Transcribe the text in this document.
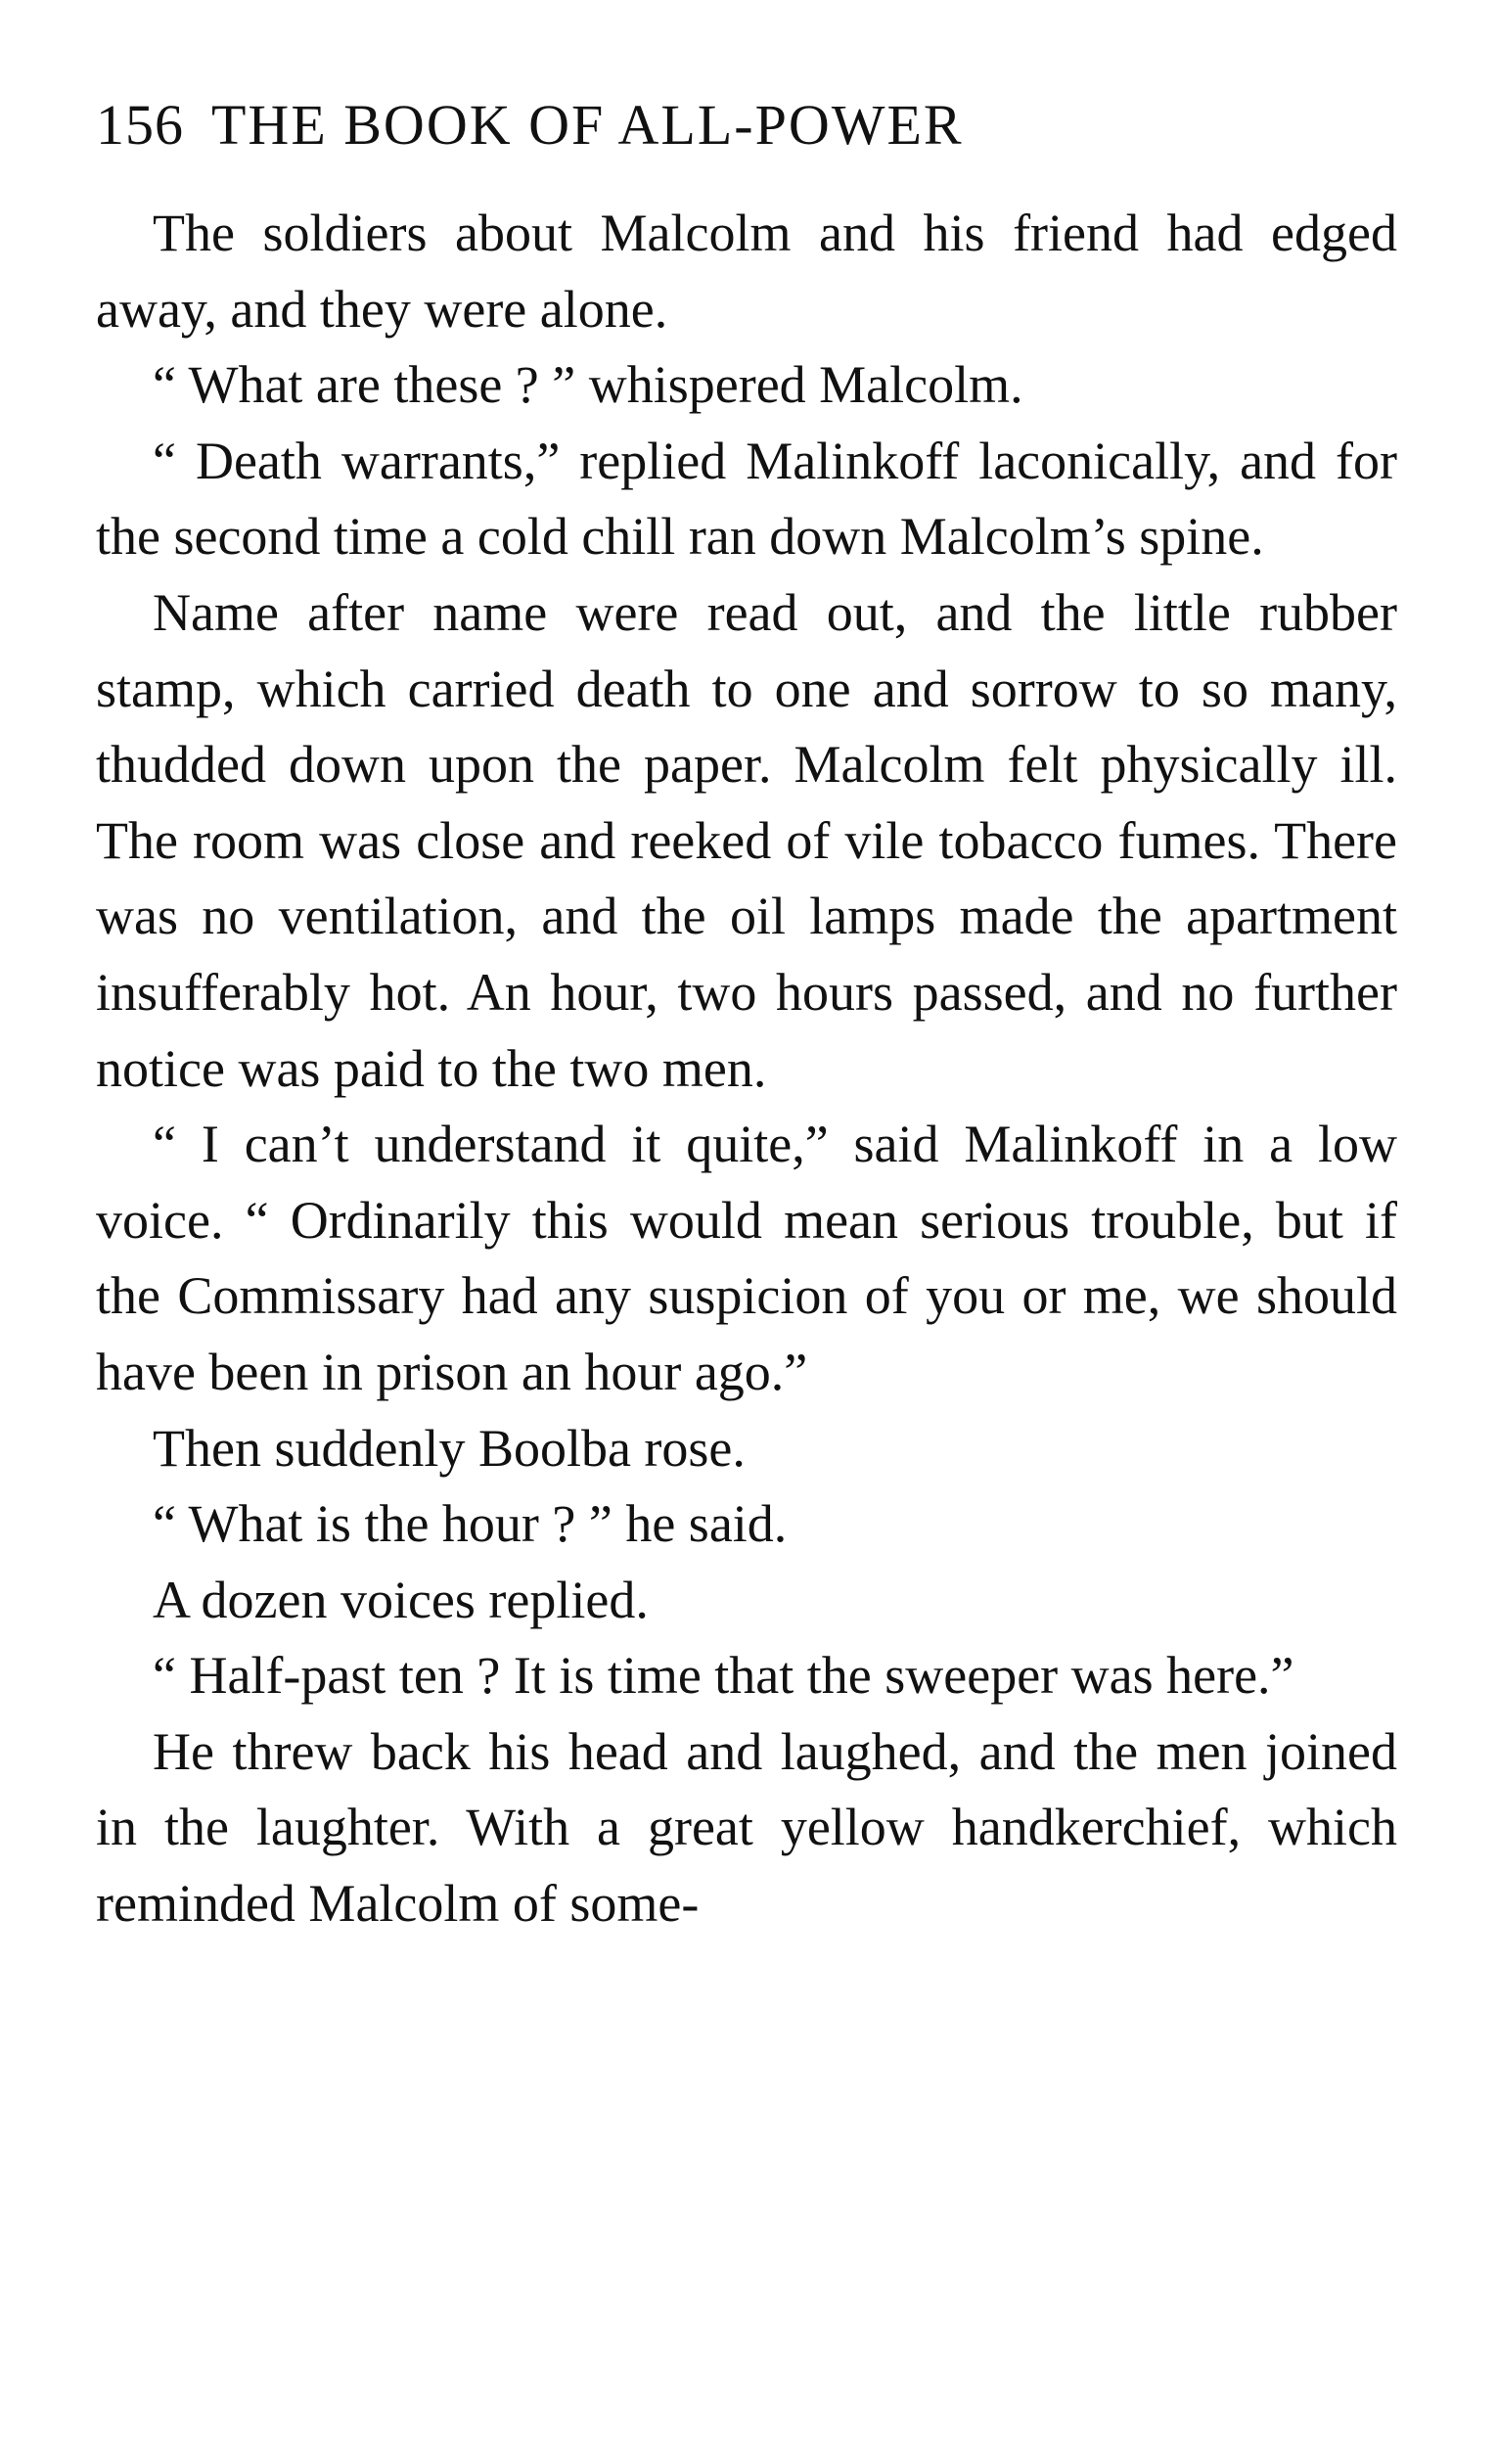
156 THE BOOK OF ALL-POWER

The soldiers about Malcolm and his friend had edged away, and they were alone.

“ What are these ? ” whispered Malcolm.

“ Death warrants,” replied Malinkoff laconically, and for the second time a cold chill ran down Malcolm’s spine.

Name after name were read out, and the little rubber stamp, which carried death to one and sorrow to so many, thudded down upon the paper. Malcolm felt physically ill. The room was close and reeked of vile tobacco fumes. There was no ventilation, and the oil lamps made the apartment insufferably hot. An hour, two hours passed, and no further notice was paid to the two men.

“ I can’t understand it quite,” said Malinkoff in a low voice. “ Ordinarily this would mean serious trouble, but if the Commissary had any suspicion of you or me, we should have been in prison an hour ago.”

Then suddenly Boolba rose.

“ What is the hour ? ” he said.

A dozen voices replied.

“ Half-past ten ? It is time that the sweeper was here.”

He threw back his head and laughed, and the men joined in the laughter. With a great yellow handkerchief, which reminded Malcolm of some-
